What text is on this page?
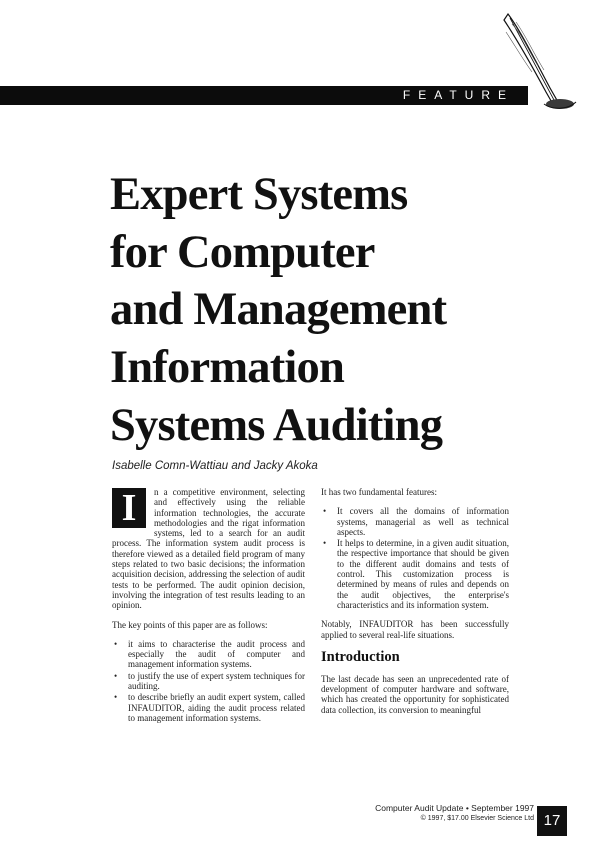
FEATURE
Expert Systems
for Computer
and Management
Information
Systems Auditing
Isabelle Comn-Wattiau and Jacky Akoka

I	n a competitive environment, selecting and effectively using the reliable information technologies, the accurate methodologies and the rigat information systems, led to a search for an audit process. The information system audit process is therefore viewed as a detailed field program of many steps related to two basic decisions; the information acquisition decision, addressing the selection of audit tests to be performed. The audit opinion decision, involving the integration of test results leading to an opinion.

The key points of this paper are as follows:

• it aims to characterise the audit process and especially the audit of computer and management information systems.
• to justify the use of expert system techniques for auditing.
• to describe briefly an audit expert system, called INFAUDITOR, aiding the audit process related to management information systems.

It has two fundamental features:

• It covers all the domains of information systems, managerial as well as technical aspects.
• It helps to determine, in a given audit situation, the respective importance that should be given to the different audit domains and tests of control. This customization process is determined by means of rules and depends on the audit objectives, the enterprise's characteristics and its information system.

Notably, INFAUDITOR has been successfully applied to several real-life situations.

Introduction

The last decade has seen an unprecedented rate of development of computer hardware and software, which has created the opportunity for sophisticated data collection, its conversion to meaningful

Computer Audit Update • September 1997
© 1997, $17.00 Elsevier Science Ltd 17
